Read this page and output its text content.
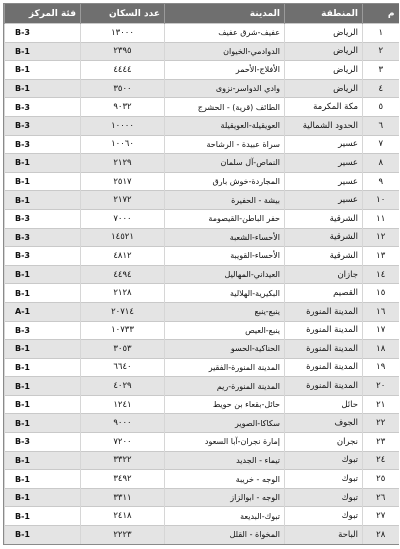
م	المنطقة	المدينة	عدد السكان	فئة المركز
١	الرياض	عفيف-شرق عفيف	١٣٠٠٠	B-3
٢	الرياض	الدوادمي-الخيوان	٢٣٩٥	B-1
٣	الرياض	الأفلاج-الأحمر	٤٤٤٤	B-1
٤	الرياض	وادي الدواسر-نزوى	٣٥٠٠	B-1
٥	مكة المكرمة	الطائف (قرية) - الحشرج	٩٠٣٢	B-3
٦	الحدود الشمالية	العويقيلة-العويقيلة	١٠٠٠٠	B-3
٧	عسير	سراة عبيدة - الرشاحة	١٠٠٦٠	B-3
٨	عسير	النماص-آل سلمان	٢١٢٩	B-1
٩	عسير	المجاردة-خوش بارق	٢٥١٧	B-1
١٠	عسير	بيشة - الحفيرة	٢١٧٢	B-1
١١	الشرقية	حفر الباطن-القيصومة	٧٠٠٠	B-3
١٢	الشرقية	الأحساء-الشعبة	١٤٥٢١	B-3
١٣	الشرقية	الأحساء-القويبة	٤٨١٢	B-3
١٤	جازان	العيداني-المهاليل	٤٤٩٤	B-1
١٥	القصيم	البكيرية-الهلالية	٢١٢٨	B-1
١٦	المدينة المنورة	ينبع-ينبع	٢٠٧١٤	A-1
١٧	المدينة المنورة	ينبع-العيص	١٠٧٣٣	B-3
١٨	المدينة المنورة	الحناكية-الحسو	٣٠٥٣	B-1
١٩	المدينة المنورة	المدينة المنورة-الفقير	٦٦٤٠	B-1
٢٠	المدينة المنورة	المدينة المنورة-ريم	٤٠٢٩	B-1
٢١	حائل	حائل-بقعاء بن حويط	١٢٤١	B-1
٢٢	الجوف	سكاكا-الصوير	٩٠٠٠	B-1
٢٣	نجران	إمارة نجران-آبا السعود	٧٢٠٠	B-3
٢٤	تبوك	تيماء - الجديد	٣٣٢٢	B-1
٢٥	تبوك	الوجه - خريبة	٣٤٩٢	B-1
٢٦	تبوك	الوجه - ابوالزاز	٣٣١١	B-1
٢٧	تبوك	تبوك-البديعة	٢٤١٨	B-1
٢٨	الباحة	المخواة - القلل	٢٢٢٣	B-1
